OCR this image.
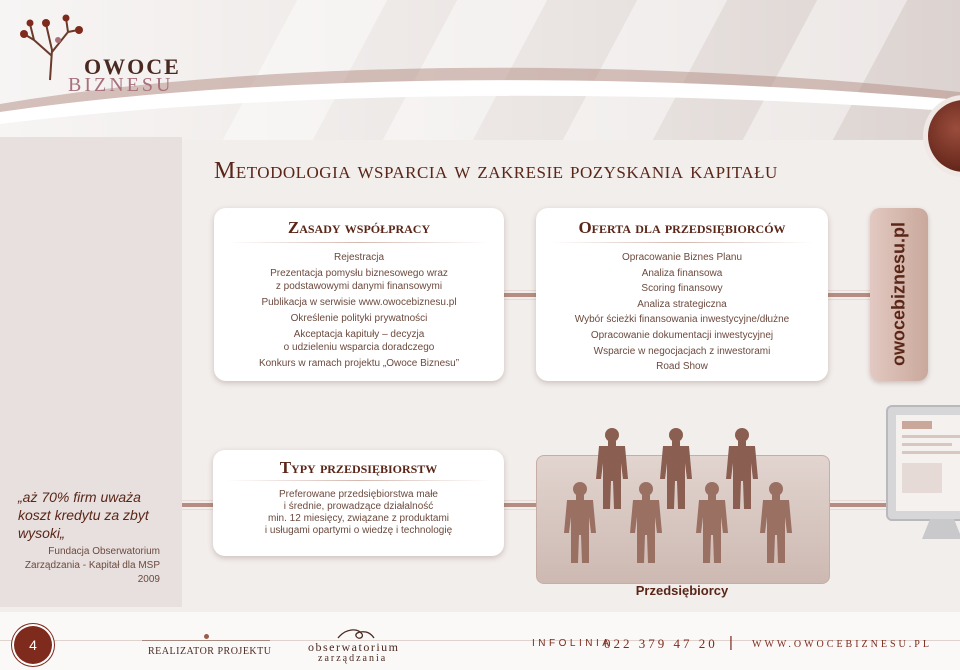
OWOCE
BIZNESU
Metodologia wsparcia w zakresie pozyskania kapitału
„aż 70% firm uważa koszt kredytu za zbyt wysoki„
Fundacja Obserwatorium Zarządzania - Kapitał dla MSP 2009
Zasady współpracy
Rejestracja
Prezentacja pomysłu biznesowego wraz
z podstawowymi danymi finansowymi
Publikacja w serwisie www.owocebiznesu.pl
Określenie polityki prywatności
Akceptacja kapituły – decyzja
o udzieleniu wsparcia doradczego
Konkurs w ramach projektu „Owoce Biznesu”
Oferta dla przedsiębiorców
Opracowanie Biznes Planu
Analiza finansowa
Scoring finansowy
Analiza strategiczna
Wybór ścieżki finansowania inwestycyjne/dłużne
Opracowanie dokumentacji inwestycyjnej
Wsparcie w negocjacjach z inwestorami
Road Show
owocebiznesu.pl
Typy przedsiębiorstw

Preferowane przedsiębiorstwa małe
i średnie, prowadzące działalność
min. 12 miesięcy, związane z produktami
i usługami opartymi o wiedzę i technologię

Przedsiębiorcy
4	REALIZATOR PROJEKTU	obserwatorium
zarządzania
INFOLINIA
022 379 47 20 | WWW.OWOCEBIZNESU.PL
